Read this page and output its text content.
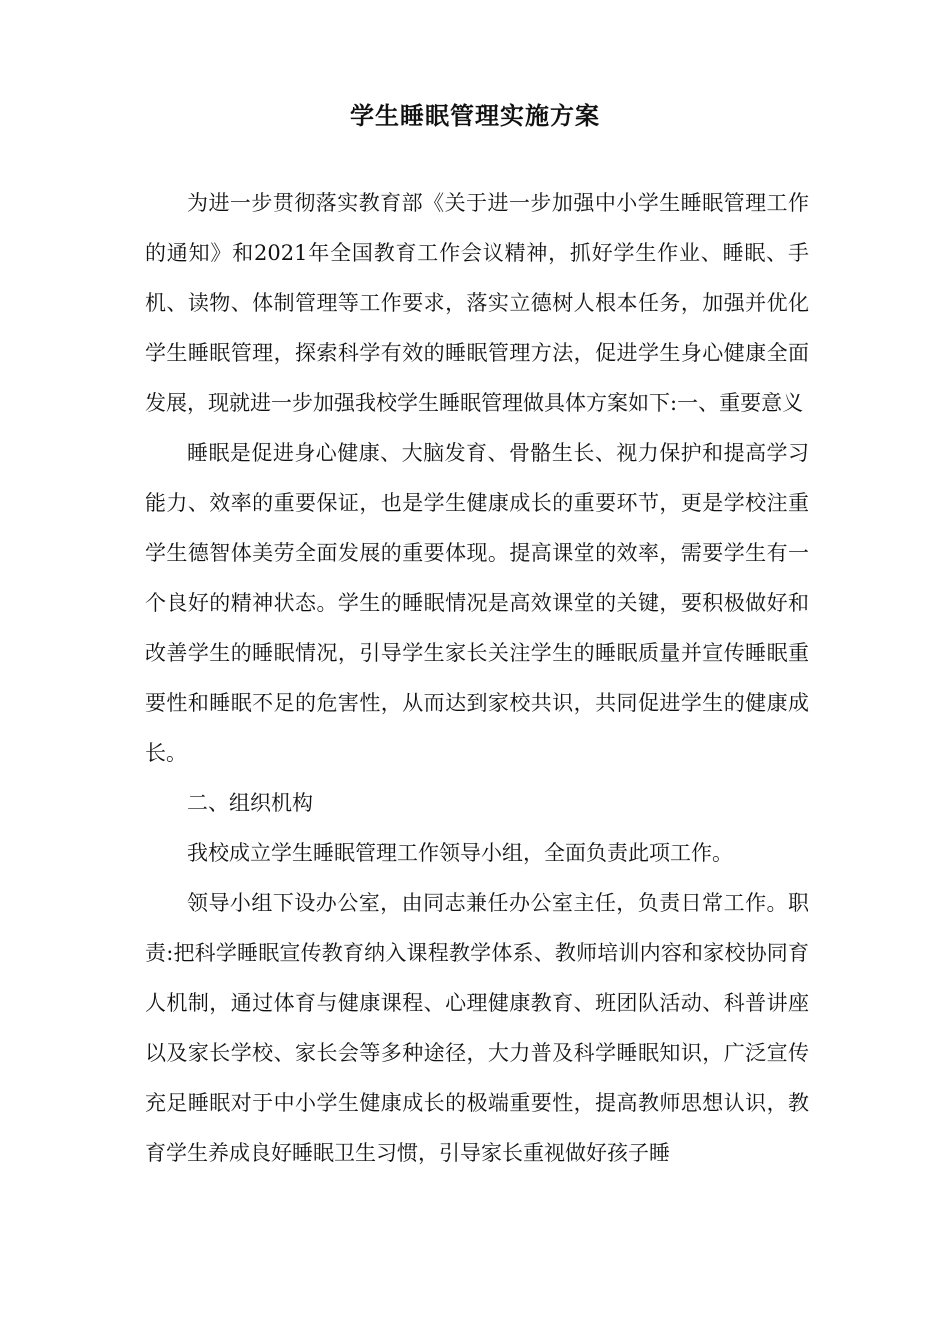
学生睡眠管理实施方案

为进一步贯彻落实教育部《关于进一步加强中小学生睡眠管理工作的通知》和2021年全国教育工作会议精神，抓好学生作业、睡眠、手机、读物、体制管理等工作要求，落实立德树人根本任务，加强并优化学生睡眠管理，探索科学有效的睡眠管理方法，促进学生身心健康全面发展，现就进一步加强我校学生睡眠管理做具体方案如下:一、重要意义

睡眠是促进身心健康、大脑发育、骨骼生长、视力保护和提高学习能力、效率的重要保证，也是学生健康成长的重要环节，更是学校注重学生德智体美劳全面发展的重要体现。提高课堂的效率，需要学生有一个良好的精神状态。学生的睡眠情况是高效课堂的关键，要积极做好和改善学生的睡眠情况，引导学生家长关注学生的睡眠质量并宣传睡眠重要性和睡眠不足的危害性，从而达到家校共识，共同促进学生的健康成长。

二、组织机构

我校成立学生睡眠管理工作领导小组，全面负责此项工作。

领导小组下设办公室，由同志兼任办公室主任，负责日常工作。职责:把科学睡眠宣传教育纳入课程教学体系、教师培训内容和家校协同育人机制，通过体育与健康课程、心理健康教育、班团队活动、科普讲座以及家长学校、家长会等多种途径，大力普及科学睡眠知识，广泛宣传充足睡眠对于中小学生健康成长的极端重要性，提高教师思想认识，教育学生养成良好睡眠卫生习惯，引导家长重视做好孩子睡
